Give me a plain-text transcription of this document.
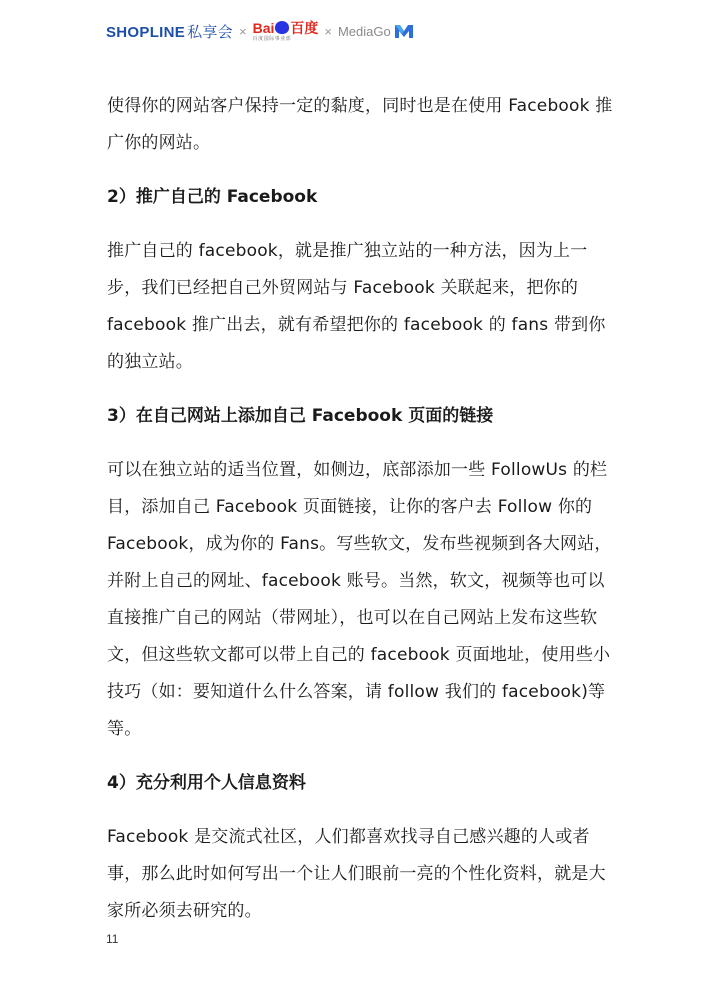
SHOPLINE 私享会 × Bai 百度
百度国际事业部	× MediaGo

使得你的网站客户保持一定的黏度，同时也是在使用 Facebook 推广你的网站。

2）推广自己的 Facebook

推广自己的 facebook，就是推广独立站的一种方法，因为上一步，我们已经把自己外贸网站与 Facebook 关联起来，把你的 facebook 推广出去，就有希望把你的 facebook 的 fans 带到你的独立站。

3）在自己网站上添加自己 Facebook 页面的链接

可以在独立站的适当位置，如侧边，底部添加一些 FollowUs 的栏目，添加自己 Facebook 页面链接，让你的客户去 Follow 你的 Facebook，成为你的 Fans。写些软文，发布些视频到各大网站，并附上自己的网址、facebook 账号。当然，软文，视频等也可以直接推广自己的网站（带网址），也可以在自己网站上发布这些软文，但这些软文都可以带上自己的 facebook 页面地址，使用些小技巧（如：要知道什么什么答案，请 follow 我们的 facebook)等等。

4）充分利用个人信息资料

Facebook 是交流式社区，人们都喜欢找寻自己感兴趣的人或者事，那么此时如何写出一个让人们眼前一亮的个性化资料，就是大家所必须去研究的。

11
